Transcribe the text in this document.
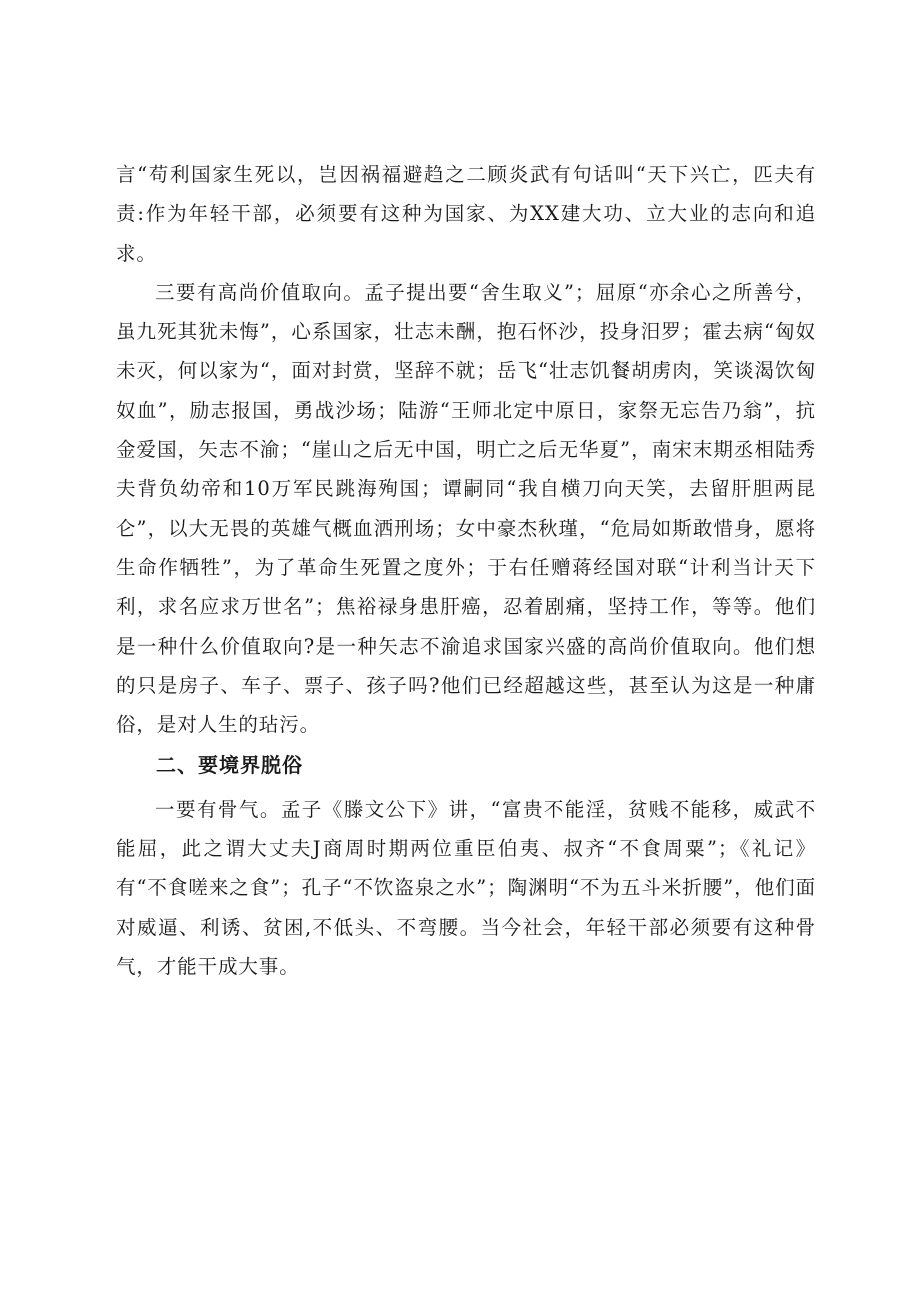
言“苟利国家生死以，岂因祸福避趋之二顾炎武有句话叫“天下兴亡，匹夫有责:作为年轻干部，必须要有这种为国家、为XX建大功、立大业的志向和追求。

三要有高尚价值取向。孟子提出要“舍生取义”；屈原“亦余心之所善兮，虽九死其犹未悔”，心系国家，壮志未酬，抱石怀沙，投身汨罗；霍去病“匈奴未灭，何以家为“，面对封赏，坚辞不就；岳飞“壮志饥餐胡虏肉，笑谈渴饮匈奴血”，励志报国，勇战沙场；陆游“王师北定中原日，家祭无忘告乃翁”，抗金爱国，矢志不渝；“崖山之后无中国，明亡之后无华夏”，南宋末期丞相陆秀夫背负幼帝和10万军民跳海殉国；谭嗣同“我自横刀向天笑，去留肝胆两昆仑”，以大无畏的英雄气概血洒刑场；女中豪杰秋瑾，“危局如斯敢惜身，愿将生命作牺牲”，为了革命生死置之度外；于右任赠蒋经国对联“计利当计天下利，求名应求万世名”；焦裕禄身患肝癌，忍着剧痛，坚持工作，等等。他们是一种什么价值取向?是一种矢志不渝追求国家兴盛的高尚价值取向。他们想的只是房子、车子、票子、孩子吗?他们已经超越这些，甚至认为这是一种庸俗，是对人生的玷污。

二、要境界脱俗

一要有骨气。孟子《滕文公下》讲，“富贵不能淫，贫贱不能移，威武不能屈，此之谓大丈夫J商周时期两位重臣伯夷、叔齐“不食周粟”；《礼记》有“不食嗟来之食”；孔子“不饮盗泉之水”；陶渊明“不为五斗米折腰”，他们面对威逼、利诱、贫困,不低头、不弯腰。当今社会，年轻干部必须要有这种骨气，才能干成大事。
